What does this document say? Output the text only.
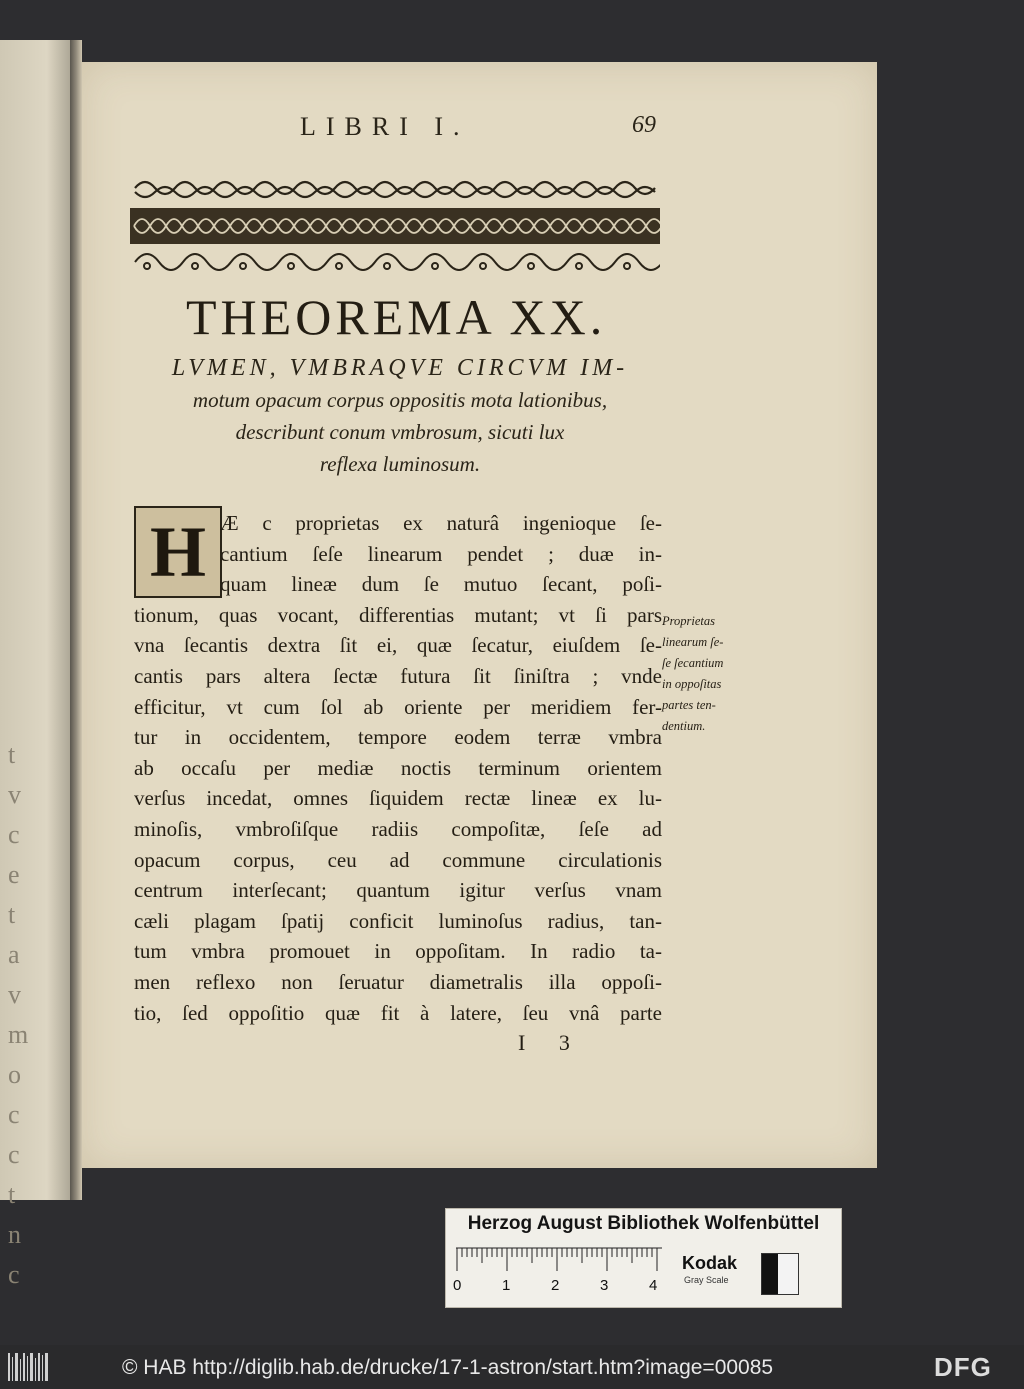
t
v
c
e
t
a
v
m
o
c
c
t
n
c
LIBRI I.	69
THEOREMA XX.
LVMEN, VMBRAQVE CIRCVM IM-
motum opacum corpus oppositis mota lationibus,
describunt conum vmbrosum, sicuti lux
reflexa luminosum.
H Æ c proprietas ex naturâ ingenioque ſe-
cantium ſeſe linearum pendet ; duæ in-
quam lineæ dum ſe mutuo ſecant, poſi-
tionum, quas vocant, differentias mutant; vt ſi pars
vna ſecantis dextra ſit ei, quæ ſecatur, eiuſdem ſe-
cantis pars altera ſectæ futura ſit ſiniſtra ; vnde
efficitur, vt cum ſol ab oriente per meridiem fer-
tur in occidentem, tempore eodem terræ vmbra
ab occaſu per mediæ noctis terminum orientem
verſus incedat, omnes ſiquidem rectæ lineæ ex lu-
minoſis, vmbroſiſque radiis compoſitæ, ſeſe ad
opacum corpus, ceu ad commune circulationis
centrum interſecant; quantum igitur verſus vnam
cæli plagam ſpatij conficit luminoſus radius, tan-
tum vmbra promouet in oppoſitam. In radio ta-
men reflexo non ſeruatur diametralis illa oppoſi-
tio, ſed oppoſitio quæ fit à latere, ſeu vnâ parte
Proprietas
linearum ſe-
ſe ſecantium
in oppoſitas
partes ten-
dentium.
I 3
Herzog August Bibliothek Wolfenbüttel
0	1	2	3	4
Kodak
Gray Scale
© HAB http://diglib.hab.de/drucke/17-1-astron/start.htm?image=00085	DFG
